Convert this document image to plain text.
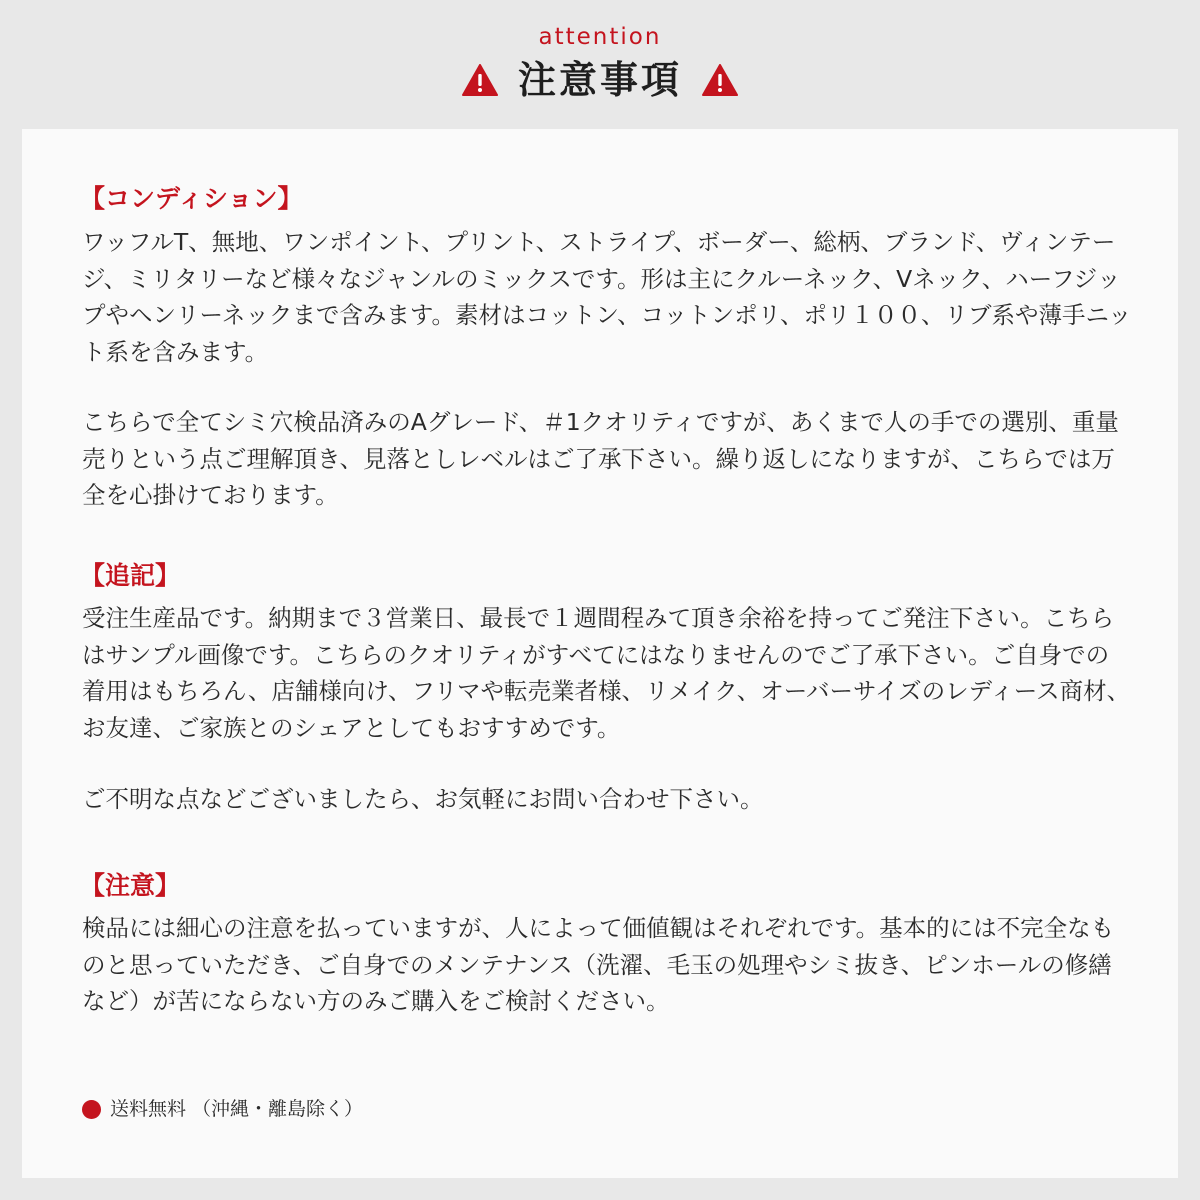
attention
注意事項
【コンディション】

ワッフルT、無地、ワンポイント、プリント、ストライプ、ボーダー、総柄、ブランド、ヴィンテージ、ミリタリーなど様々なジャンルのミックスです。形は主にクルーネック、Vネック、ハーフジップやヘンリーネックまで含みます。素材はコットン、コットンポリ、ポリ１００、リブ系や薄手ニット系を含みます。

こちらで全てシミ穴検品済みのAグレード、＃1クオリティですが、あくまで人の手での選別、重量売りという点ご理解頂き、見落としレベルはご了承下さい。繰り返しになりますが、こちらでは万全を心掛けております。

【追記】

受注生産品です。納期まで３営業日、最長で１週間程みて頂き余裕を持ってご発注下さい。こちらはサンプル画像です。こちらのクオリティがすべてにはなりませんのでご了承下さい。ご自身での着用はもちろん、店舗様向け、フリマや転売業者様、リメイク、オーバーサイズのレディース商材、お友達、ご家族とのシェアとしてもおすすめです。

ご不明な点などございましたら、お気軽にお問い合わせ下さい。

【注意】

検品には細心の注意を払っていますが、人によって価値観はそれぞれです。基本的には不完全なものと思っていただき、ご自身でのメンテナンス（洗濯、毛玉の処理やシミ抜き、ピンホールの修繕など）が苦にならない方のみご購入をご検討ください。

送料無料 （沖縄・離島除く）
